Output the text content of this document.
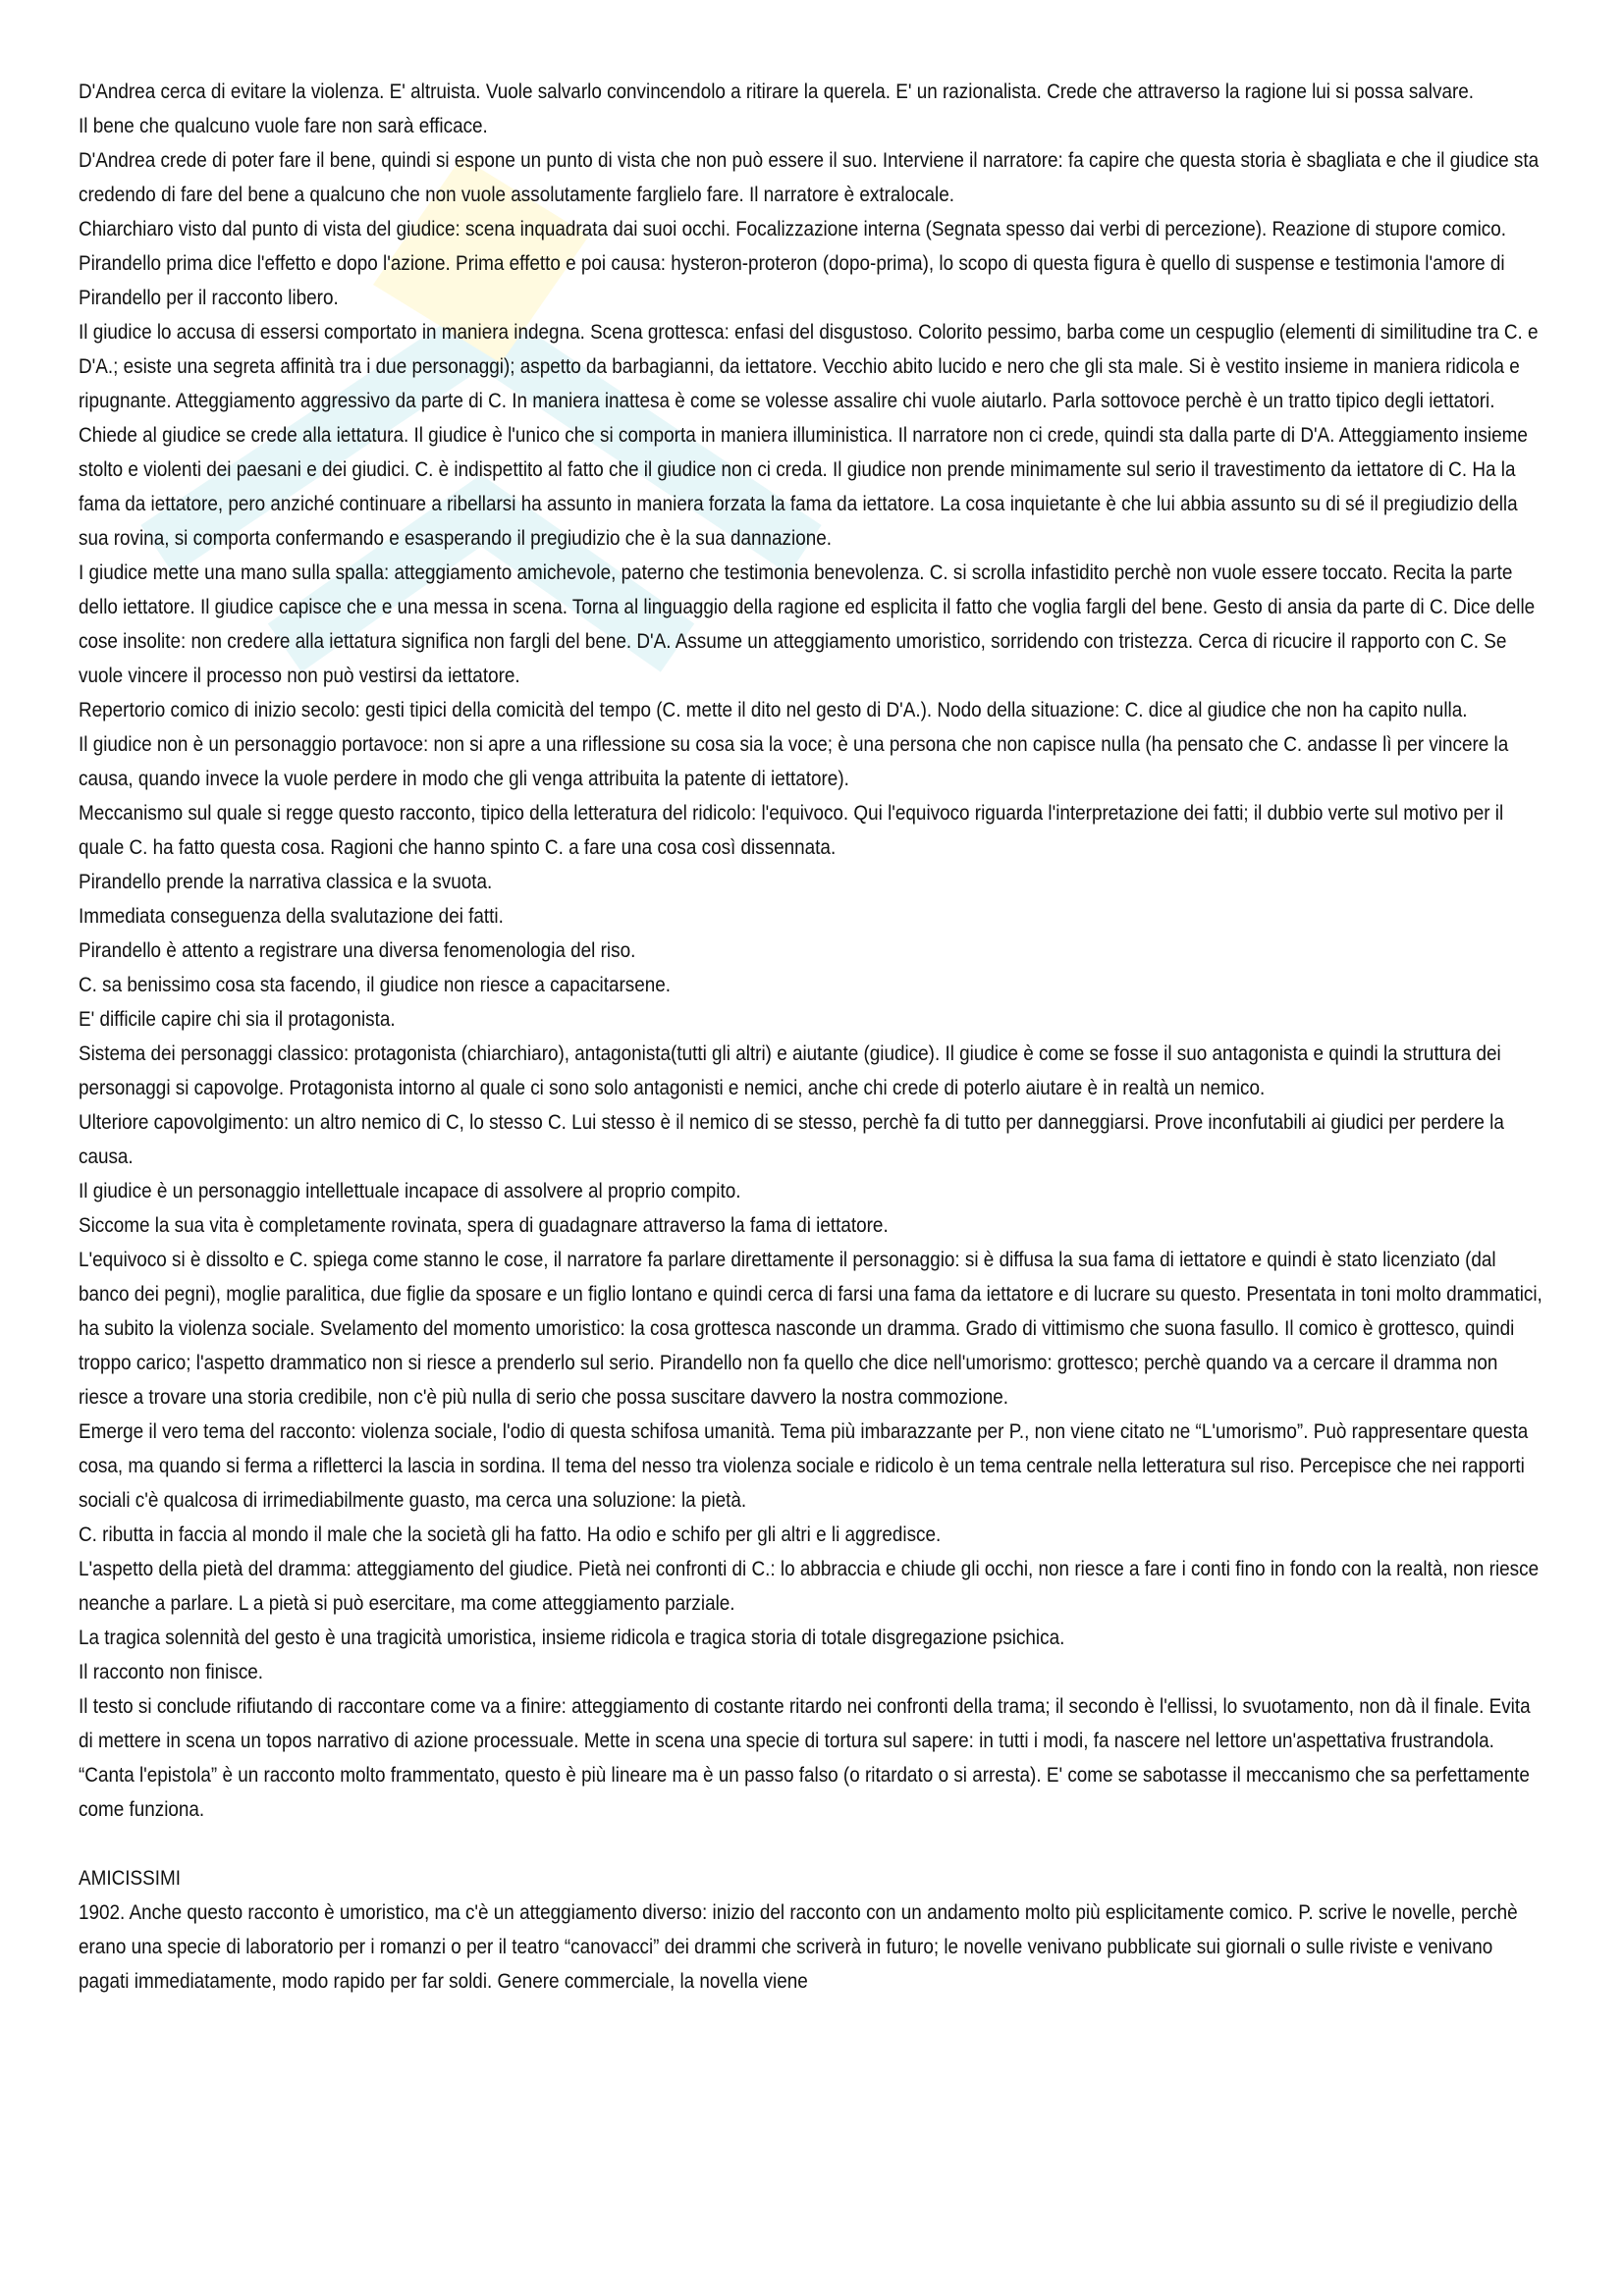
D'Andrea cerca di evitare la violenza. E' altruista. Vuole salvarlo convincendolo a ritirare la querela. E' un razionalista. Crede che attraverso la ragione lui si possa salvare.

Il bene che qualcuno vuole fare non sarà efficace.

D'Andrea crede di poter fare il bene, quindi si espone un punto di vista che non può essere il suo. Interviene il narratore: fa capire che questa storia è sbagliata e che il giudice sta credendo di fare del bene a qualcuno che non vuole assolutamente farglielo fare. Il narratore è extralocale.

Chiarchiaro visto dal punto di vista del giudice: scena inquadrata dai suoi occhi. Focalizzazione interna (Segnata spesso dai verbi di percezione). Reazione di stupore comico. Pirandello prima dice l'effetto e dopo l'azione. Prima effetto e poi causa: hysteron-proteron (dopo-prima), lo scopo di questa figura è quello di suspense e testimonia l'amore di Pirandello per il racconto libero.

Il giudice lo accusa di essersi comportato in maniera indegna. Scena grottesca: enfasi del disgustoso. Colorito pessimo, barba come un cespuglio (elementi di similitudine tra C. e D'A.; esiste una segreta affinità tra i due personaggi); aspetto da barbagianni, da iettatore. Vecchio abito lucido e nero che gli sta male. Si è vestito insieme in maniera ridicola e ripugnante. Atteggiamento aggressivo da parte di C. In maniera inattesa è come se volesse assalire chi vuole aiutarlo. Parla sottovoce perchè è un tratto tipico degli iettatori. Chiede al giudice se crede alla iettatura. Il giudice è l'unico che si comporta in maniera illuministica. Il narratore non ci crede, quindi sta dalla parte di D'A. Atteggiamento insieme stolto e violenti dei paesani e dei giudici. C. è indispettito al fatto che il giudice non ci creda. Il giudice non prende minimamente sul serio il travestimento da iettatore di C. Ha la fama da iettatore, pero anziché continuare a ribellarsi ha assunto in maniera forzata la fama da iettatore. La cosa inquietante è che lui abbia assunto su di sé il pregiudizio della sua rovina, si comporta confermando e esasperando il pregiudizio che è la sua dannazione.

I giudice mette una mano sulla spalla: atteggiamento amichevole, paterno che testimonia benevolenza. C. si scrolla infastidito perchè non vuole essere toccato. Recita la parte dello iettatore. Il giudice capisce che e una messa in scena. Torna al linguaggio della ragione ed esplicita il fatto che voglia fargli del bene. Gesto di ansia da parte di C. Dice delle cose insolite: non credere alla iettatura significa non fargli del bene. D'A. Assume un atteggiamento umoristico, sorridendo con tristezza. Cerca di ricucire il rapporto con C. Se vuole vincere il processo non può vestirsi da iettatore.

Repertorio comico di inizio secolo: gesti tipici della comicità del tempo (C. mette il dito nel gesto di D'A.). Nodo della situazione: C. dice al giudice che non ha capito nulla.

Il giudice non è un personaggio portavoce: non si apre a una riflessione su cosa sia la voce; è una persona che non capisce nulla (ha pensato che C. andasse lì per vincere la causa, quando invece la vuole perdere in modo che gli venga attribuita la patente di iettatore).

Meccanismo sul quale si regge questo racconto, tipico della letteratura del ridicolo: l'equivoco. Qui l'equivoco riguarda l'interpretazione dei fatti; il dubbio verte sul motivo per il quale C. ha fatto questa cosa. Ragioni che hanno spinto C. a fare una cosa così dissennata.

Pirandello prende la narrativa classica e la svuota.

Immediata conseguenza della svalutazione dei fatti.

Pirandello è attento a registrare una diversa fenomenologia del riso.

C. sa benissimo cosa sta facendo, il giudice non riesce a capacitarsene.

E' difficile capire chi sia il protagonista.

Sistema dei personaggi classico: protagonista (chiarchiaro), antagonista(tutti gli altri) e aiutante (giudice). Il giudice è come se fosse il suo antagonista e quindi la struttura dei personaggi si capovolge. Protagonista intorno al quale ci sono solo antagonisti e nemici, anche chi crede di poterlo aiutare è in realtà un nemico.

Ulteriore capovolgimento: un altro nemico di C, lo stesso C. Lui stesso è il nemico di se stesso, perchè fa di tutto per danneggiarsi. Prove inconfutabili ai giudici per perdere la causa.

Il giudice è un personaggio intellettuale incapace di assolvere al proprio compito.

Siccome la sua vita è completamente rovinata, spera di guadagnare attraverso la fama di iettatore.

L'equivoco si è dissolto e C. spiega come stanno le cose, il narratore fa parlare direttamente il personaggio: si è diffusa la sua fama di iettatore e quindi è stato licenziato (dal banco dei pegni), moglie paralitica, due figlie da sposare e un figlio lontano e quindi cerca di farsi una fama da iettatore e di lucrare su questo. Presentata in toni molto drammatici, ha subito la violenza sociale. Svelamento del momento umoristico: la cosa grottesca nasconde un dramma. Grado di vittimismo che suona fasullo. Il comico è grottesco, quindi troppo carico; l'aspetto drammatico non si riesce a prenderlo sul serio. Pirandello non fa quello che dice nell'umorismo: grottesco; perchè quando va a cercare il dramma non riesce a trovare una storia credibile, non c'è più nulla di serio che possa suscitare davvero la nostra commozione.

Emerge il vero tema del racconto: violenza sociale, l'odio di questa schifosa umanità. Tema più imbarazzante per P., non viene citato ne “L'umorismo”. Può rappresentare questa cosa, ma quando si ferma a rifletterci la lascia in sordina. Il tema del nesso tra violenza sociale e ridicolo è un tema centrale nella letteratura sul riso. Percepisce che nei rapporti sociali c'è qualcosa di irrimediabilmente guasto, ma cerca una soluzione: la pietà.

C. ributta in faccia al mondo il male che la società gli ha fatto. Ha odio e schifo per gli altri e li aggredisce.

L'aspetto della pietà del dramma: atteggiamento del giudice. Pietà nei confronti di C.: lo abbraccia e chiude gli occhi, non riesce a fare i conti fino in fondo con la realtà, non riesce neanche a parlare. L a pietà si può esercitare, ma come atteggiamento parziale.

La tragica solennità del gesto è una tragicità umoristica, insieme ridicola e tragica storia di totale disgregazione psichica.

Il racconto non finisce.

Il testo si conclude rifiutando di raccontare come va a finire: atteggiamento di costante ritardo nei confronti della trama; il secondo è l'ellissi, lo svuotamento, non dà il finale. Evita di mettere in scena un topos narrativo di azione processuale. Mette in scena una specie di tortura sul sapere: in tutti i modi, fa nascere nel lettore un'aspettativa frustrandola.

“Canta l'epistola” è un racconto molto frammentato, questo è più lineare ma è un passo falso (o ritardato o si arresta). E' come se sabotasse il meccanismo che sa perfettamente come funziona.

AMICISSIMI

1902. Anche questo racconto è umoristico, ma c'è un atteggiamento diverso: inizio del racconto con un andamento molto più esplicitamente comico. P. scrive le novelle, perchè erano una specie di laboratorio per i romanzi o per il teatro “canovacci” dei drammi che scriverà in futuro; le novelle venivano pubblicate sui giornali o sulle riviste e venivano pagati immediatamente, modo rapido per far soldi. Genere commerciale, la novella viene
